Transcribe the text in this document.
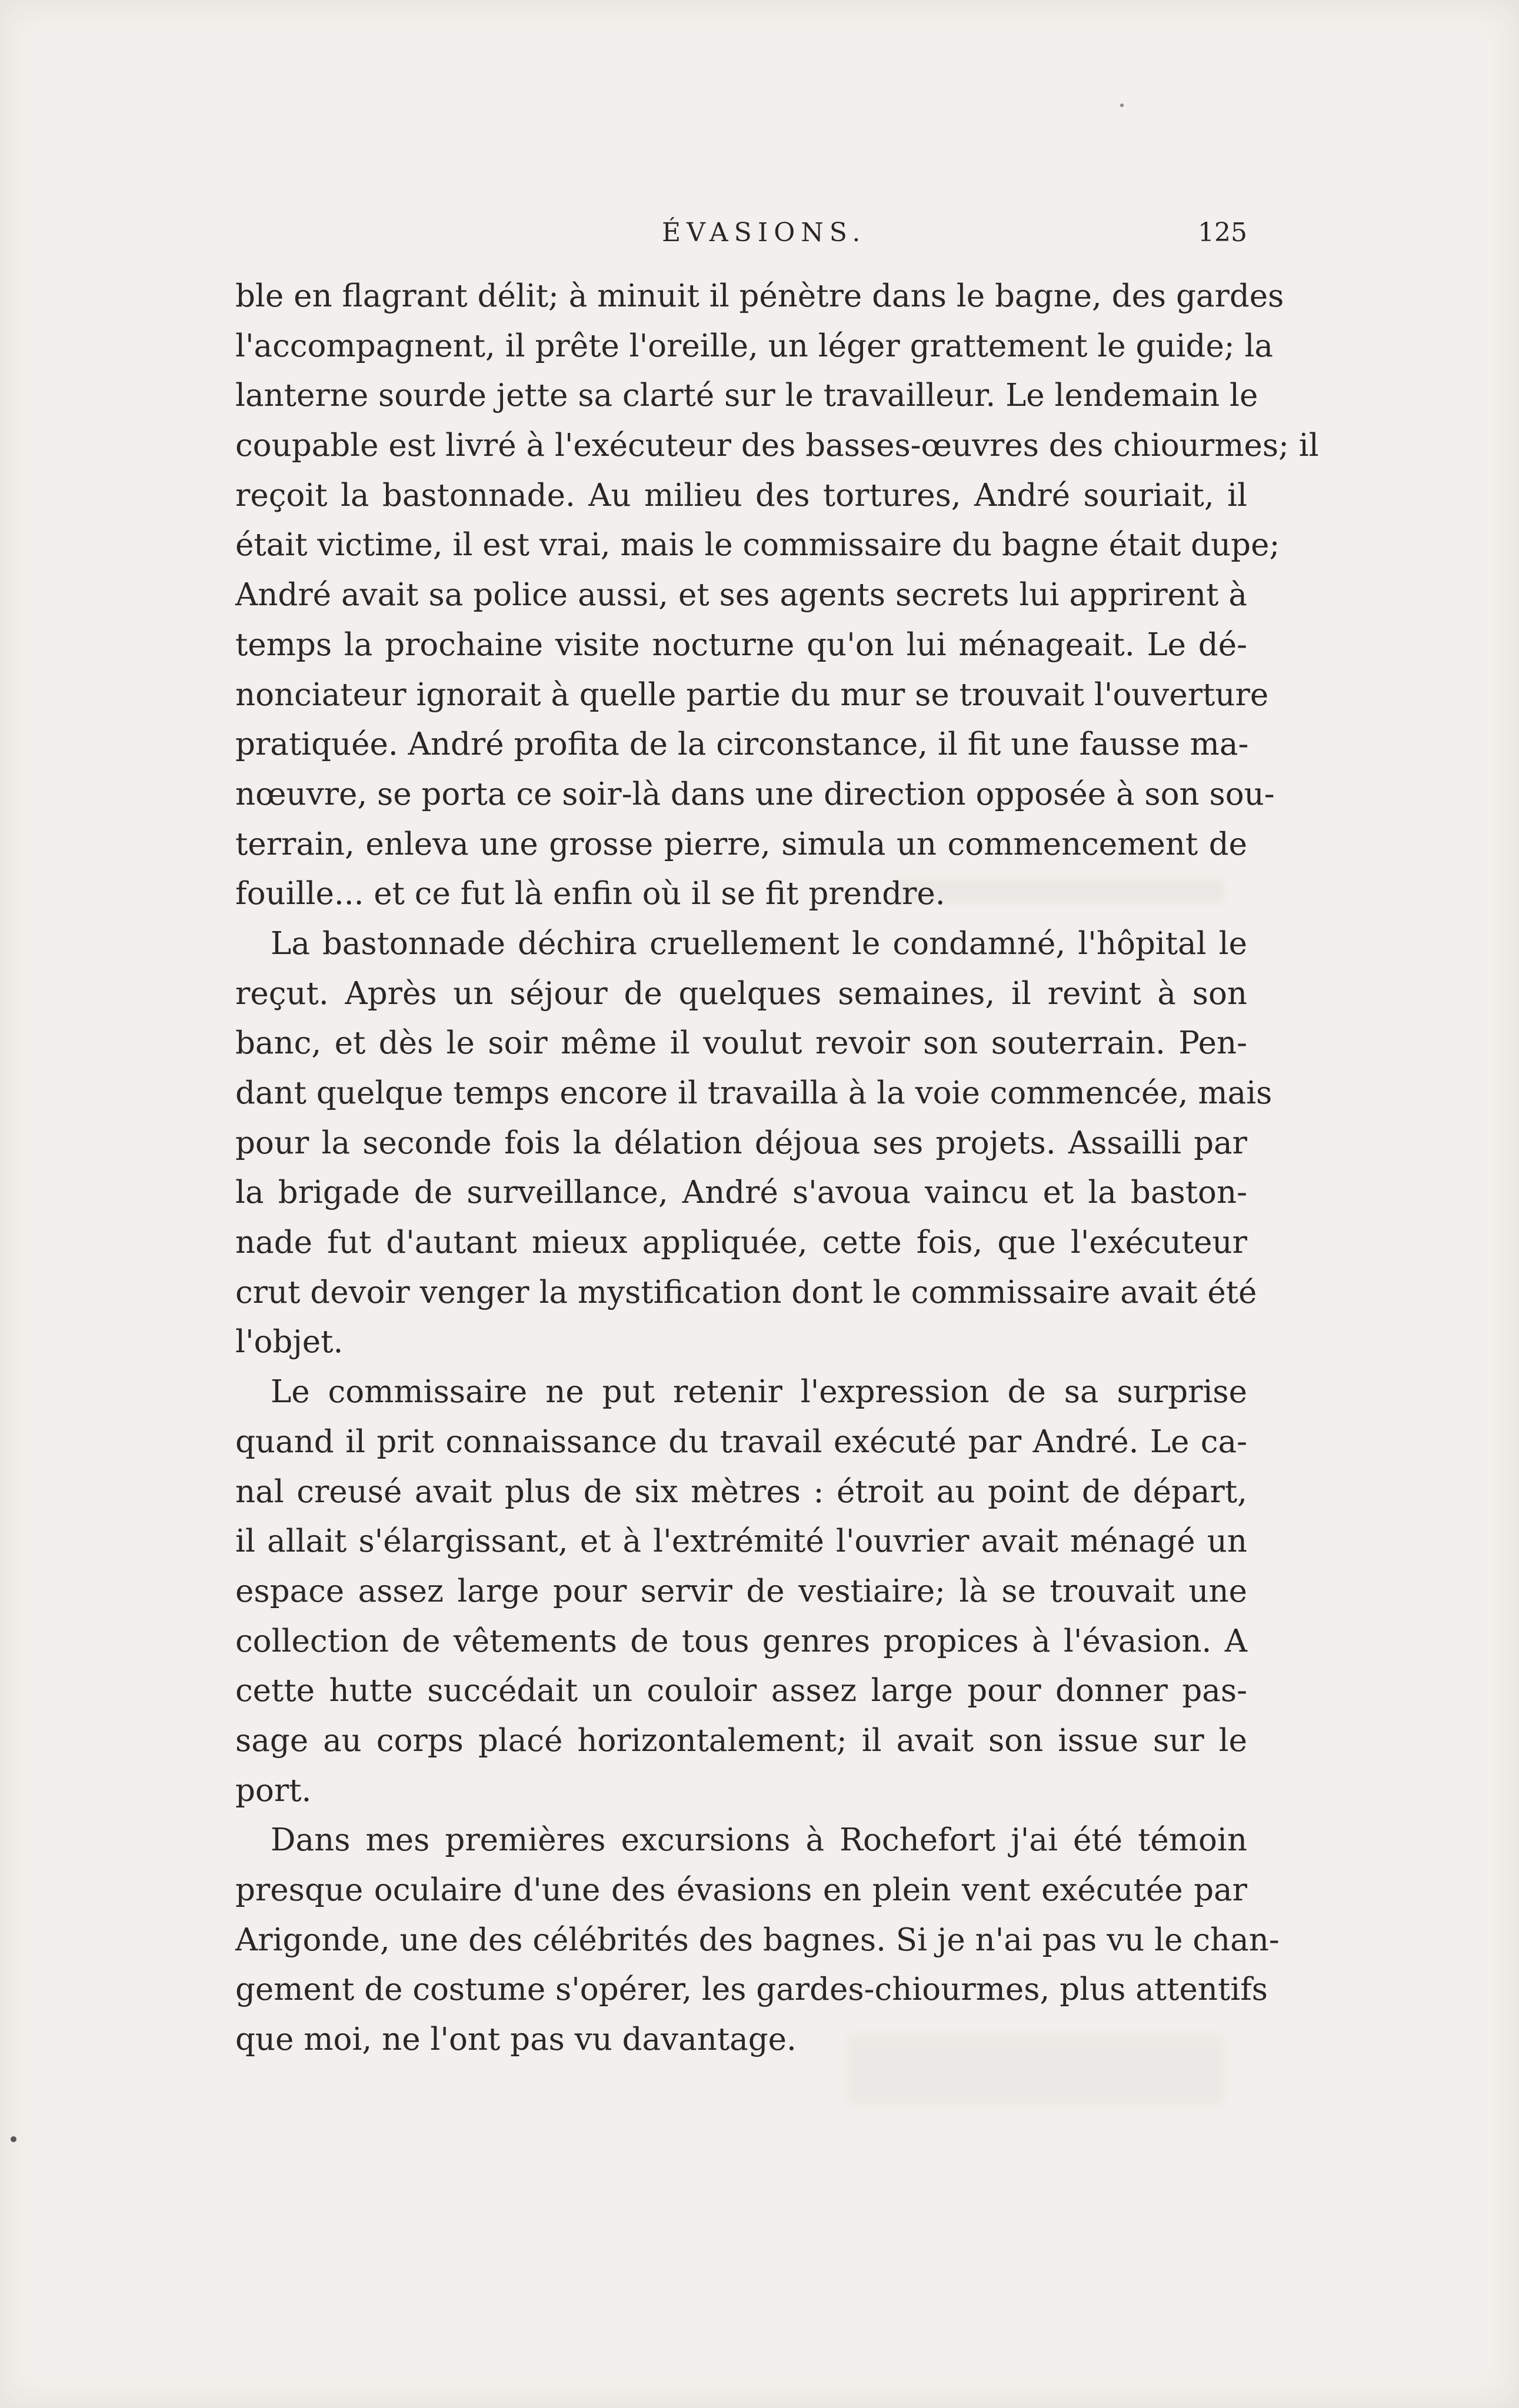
ÉVASIONS.	125

ble en flagrant délit; à minuit il pénètre dans le bagne, des gardes
l'accompagnent, il prête l'oreille, un léger grattement le guide; la
lanterne sourde jette sa clarté sur le travailleur. Le lendemain le
coupable est livré à l'exécuteur des basses-œuvres des chiourmes; il
reçoit la bastonnade. Au milieu des tortures, André souriait, il
était victime, il est vrai, mais le commissaire du bagne était dupe;
André avait sa police aussi, et ses agents secrets lui apprirent à
temps la prochaine visite nocturne qu'on lui ménageait. Le dé-
nonciateur ignorait à quelle partie du mur se trouvait l'ouverture
pratiquée. André profita de la circonstance, il fit une fausse ma-
nœuvre, se porta ce soir-là dans une direction opposée à son sou-
terrain, enleva une grosse pierre, simula un commencement de
fouille... et ce fut là enfin où il se fit prendre.

La bastonnade déchira cruellement le condamné, l'hôpital le
reçut. Après un séjour de quelques semaines, il revint à son
banc, et dès le soir même il voulut revoir son souterrain. Pen-
dant quelque temps encore il travailla à la voie commencée, mais
pour la seconde fois la délation déjoua ses projets. Assailli par
la brigade de surveillance, André s'avoua vaincu et la baston-
nade fut d'autant mieux appliquée, cette fois, que l'exécuteur
crut devoir venger la mystification dont le commissaire avait été
l'objet.

Le commissaire ne put retenir l'expression de sa surprise
quand il prit connaissance du travail exécuté par André. Le ca-
nal creusé avait plus de six mètres : étroit au point de départ,
il allait s'élargissant, et à l'extrémité l'ouvrier avait ménagé un
espace assez large pour servir de vestiaire; là se trouvait une
collection de vêtements de tous genres propices à l'évasion. A
cette hutte succédait un couloir assez large pour donner pas-
sage au corps placé horizontalement; il avait son issue sur le
port.

Dans mes premières excursions à Rochefort j'ai été témoin
presque oculaire d'une des évasions en plein vent exécutée par
Arigonde, une des célébrités des bagnes. Si je n'ai pas vu le chan-
gement de costume s'opérer, les gardes-chiourmes, plus attentifs
que moi, ne l'ont pas vu davantage.
